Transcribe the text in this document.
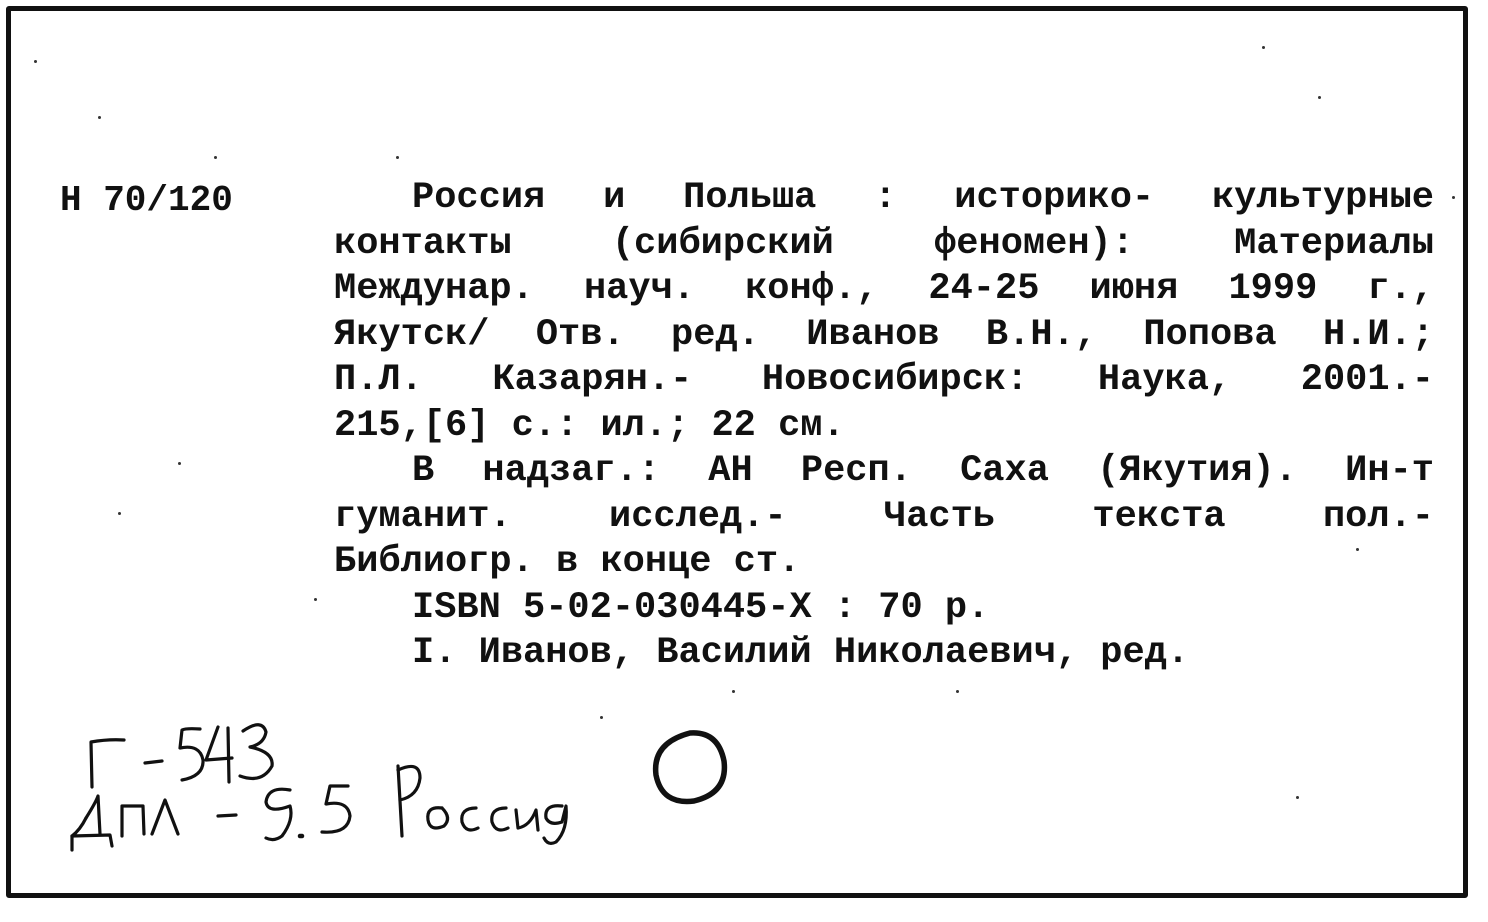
Н 70/120	Россия и Польша : историко- культурные
контакты (сибирский феномен): Материалы
Междунар. науч. конф., 24-25 июня 1999 г.,
Якутск/ Отв. ред. Иванов В.Н., Попова Н.И.;
П.Л. Казарян.- Новосибирск: Наука, 2001.-
215,[6] с.: ил.; 22 см.

В надзаг.: АН Респ. Саха (Якутия). Ин-т
гуманит. исслед.- Часть текста пол.-
Библиогр. в конце ст.

ISBN 5-02-030445-X : 70 р.

I. Иванов, Василий Николаевич, ред.
